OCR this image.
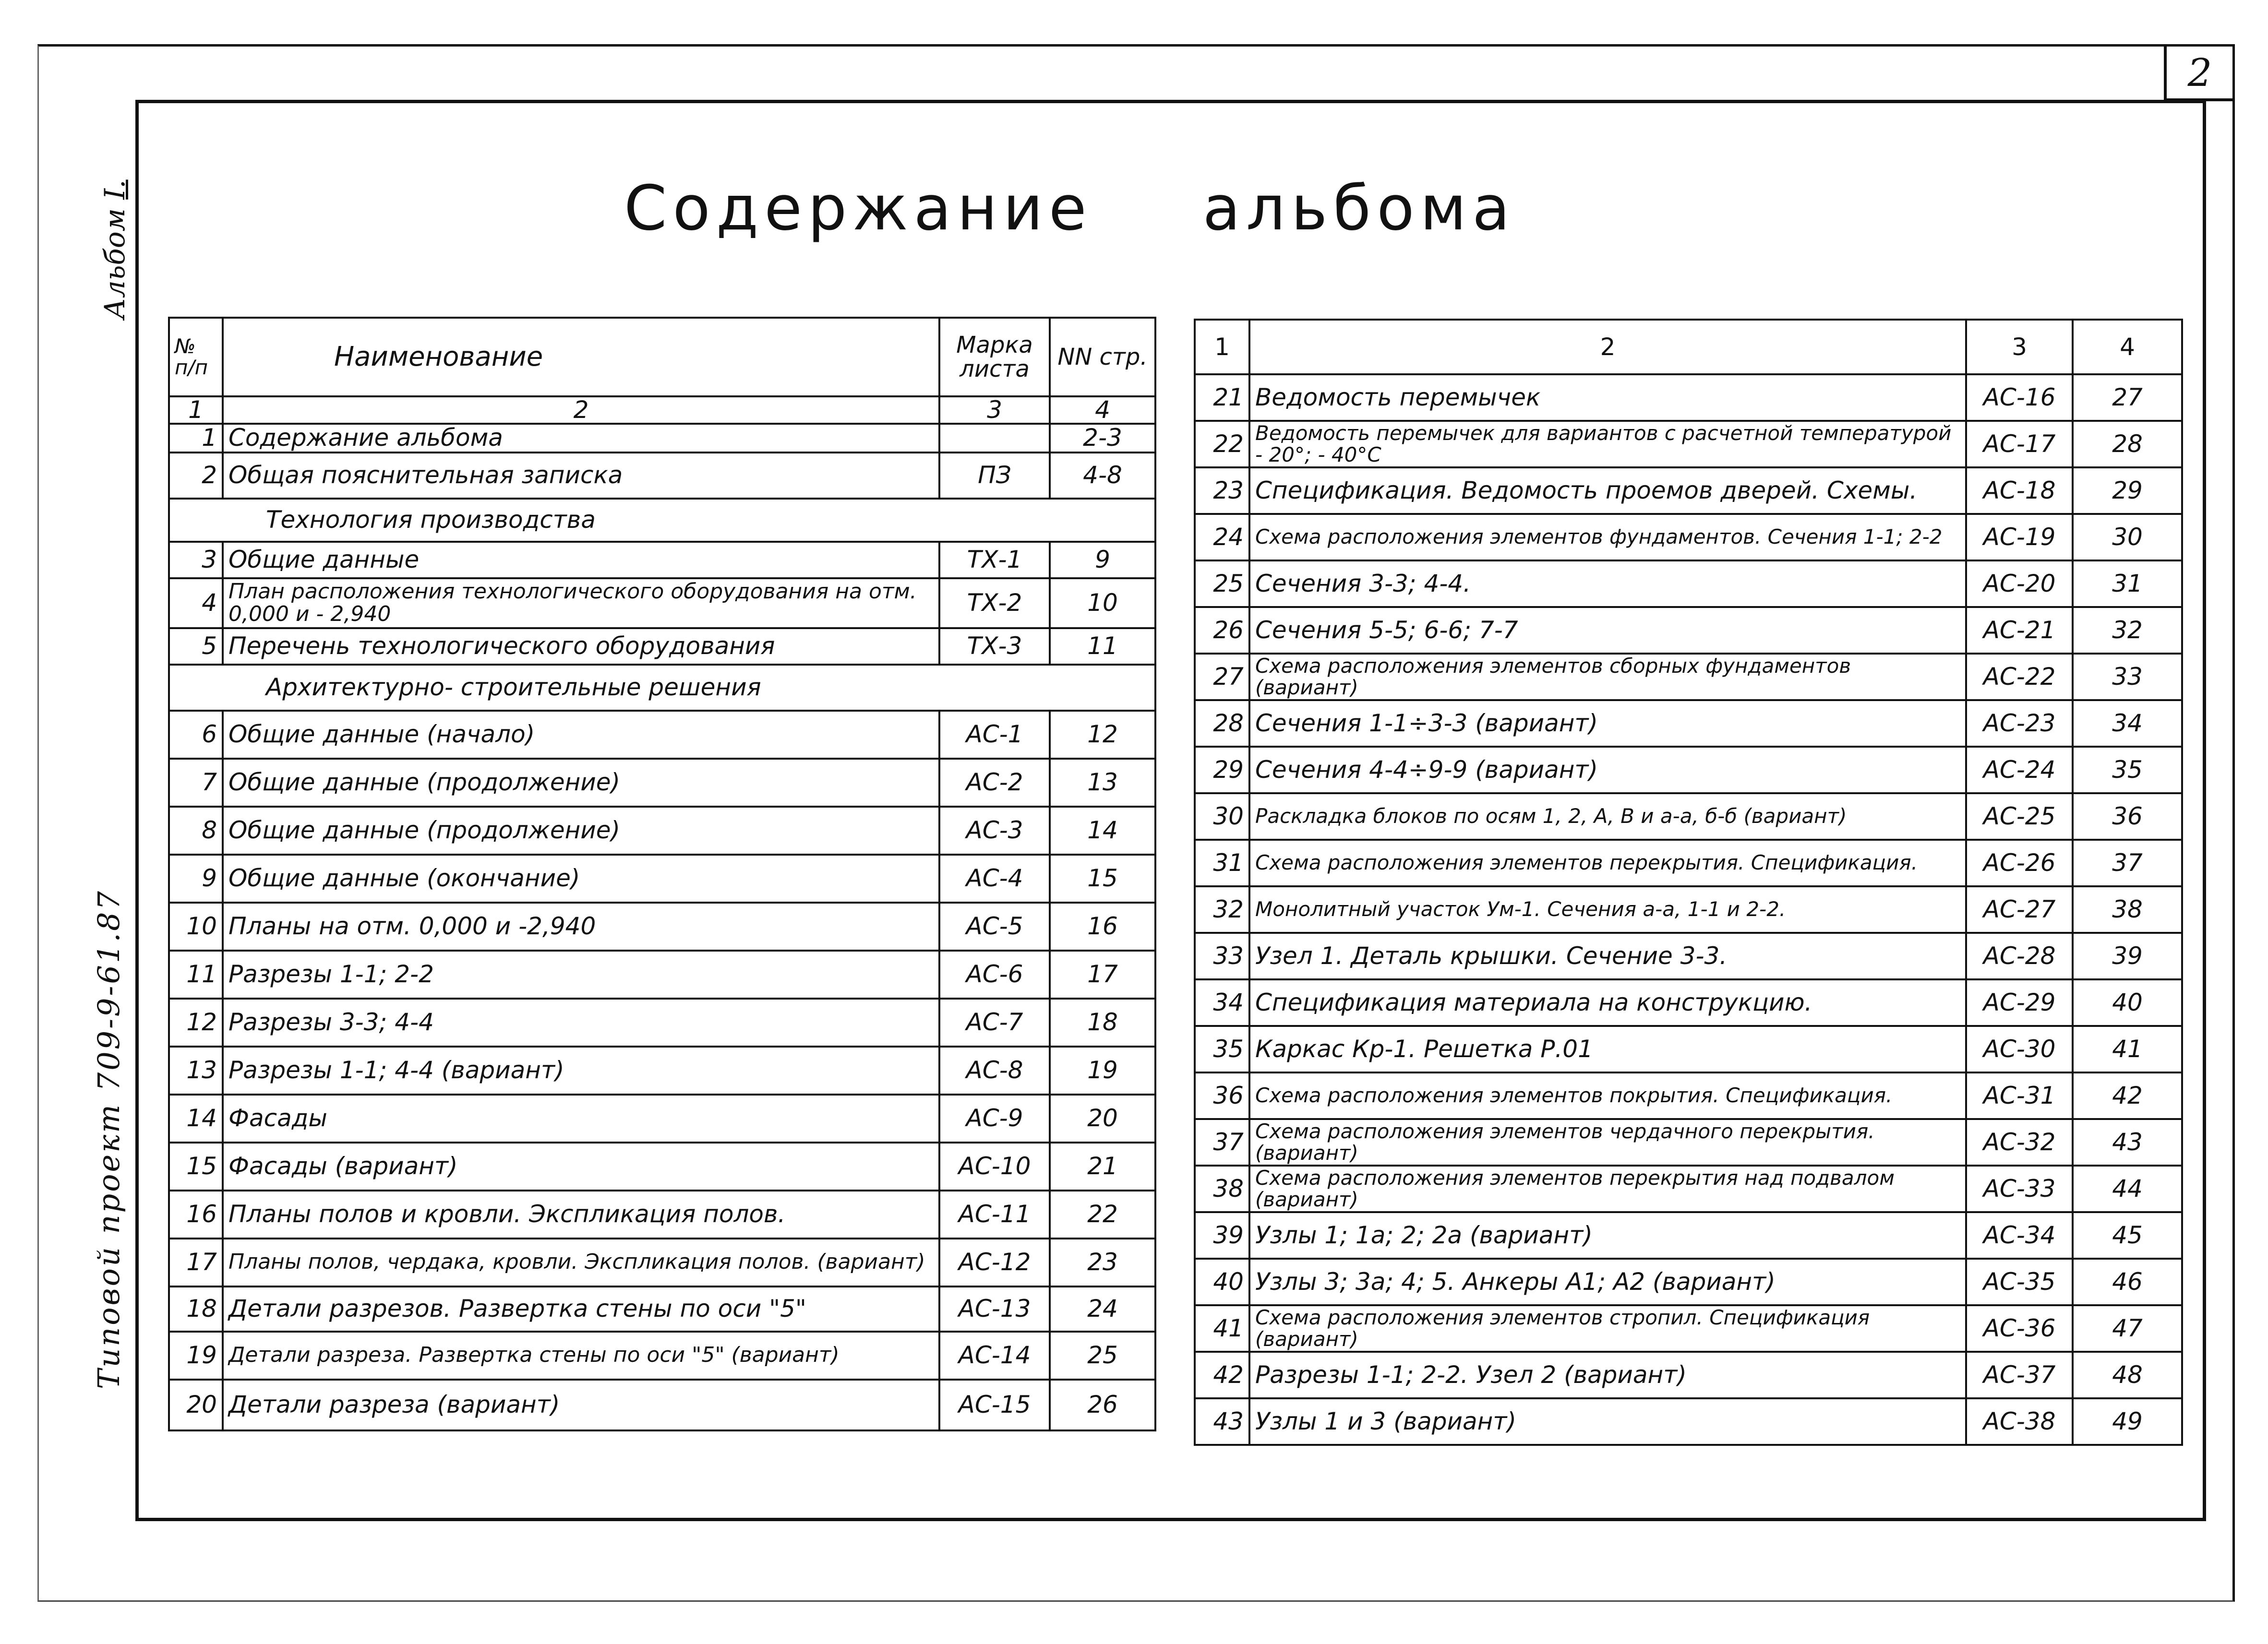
2
Альбом I.
Типовой проект 709-9-61.87
Содержание альбома
№ п/п	Наименование	Марка листа	NN стр.
1	2	3	4
1	Содержание альбома		2-3
2	Общая пояснительная записка	ПЗ	4-8
Технология производства			
3	Общие данные	ТХ-1	9
4	План расположения технологического оборудования на отм. 0,000 и - 2,940	ТХ-2	10
5	Перечень технологического оборудования	ТХ-3	11
Архитектурно- строительные решения			
6	Общие данные (начало)	АС-1	12
7	Общие данные (продолжение)	АС-2	13
8	Общие данные (продолжение)	АС-3	14
9	Общие данные (окончание)	АС-4	15
10	Планы на отм. 0,000 и -2,940	АС-5	16
11	Разрезы 1-1; 2-2	АС-6	17
12	Разрезы 3-3; 4-4	АС-7	18
13	Разрезы 1-1; 4-4 (вариант)	АС-8	19
14	Фасады	АС-9	20
15	Фасады (вариант)	АС-10	21
16	Планы полов и кровли. Экспликация полов.	АС-11	22
17	Планы полов, чердака, кровли. Экспликация полов. (вариант)	АС-12	23
18	Детали разрезов. Развертка стены по оси "5"	АС-13	24
19	Детали разреза. Развертка стены по оси "5" (вариант)	АС-14	25
20	Детали разреза (вариант)	АС-15	26
1	2	3	4
21	Ведомость перемычек	АС-16	27
22	Ведомость перемычек для вариантов с расчетной температурой - 20°; - 40°С	АС-17	28
23	Спецификация. Ведомость проемов дверей. Схемы.	АС-18	29
24	Схема расположения элементов фундаментов. Сечения 1-1; 2-2	АС-19	30
25	Сечения 3-3; 4-4.	АС-20	31
26	Сечения 5-5; 6-6; 7-7	АС-21	32
27	Схема расположения элементов сборных фундаментов (вариант)	АС-22	33
28	Сечения 1-1÷3-3 (вариант)	АС-23	34
29	Сечения 4-4÷9-9 (вариант)	АС-24	35
30	Раскладка блоков по осям 1, 2, А, В и а-а, б-б (вариант)	АС-25	36
31	Схема расположения элементов перекрытия. Спецификация.	АС-26	37
32	Монолитный участок Ум-1. Сечения а-а, 1-1 и 2-2.	АС-27	38
33	Узел 1. Деталь крышки. Сечение 3-3.	АС-28	39
34	Спецификация материала на конструкцию.	АС-29	40
35	Каркас Кр-1. Решетка Р.01	АС-30	41
36	Схема расположения элементов покрытия. Спецификация.	АС-31	42
37	Схема расположения элементов чердачного перекрытия. (вариант)	АС-32	43
38	Схема расположения элементов перекрытия над подвалом (вариант)	АС-33	44
39	Узлы 1; 1а; 2; 2а (вариант)	АС-34	45
40	Узлы 3; 3а; 4; 5. Анкеры А1; А2 (вариант)	АС-35	46
41	Схема расположения элементов стропил. Спецификация (вариант)	АС-36	47
42	Разрезы 1-1; 2-2. Узел 2 (вариант)	АС-37	48
43	Узлы 1 и 3 (вариант)	АС-38	49
